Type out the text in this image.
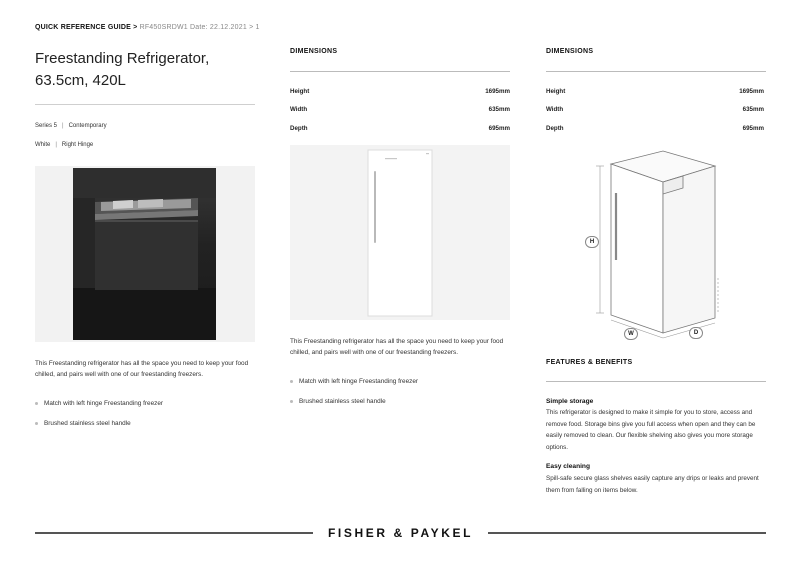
QUICK REFERENCE GUIDE > RF450SRDW1 Date: 22.12.2021 > 1
Freestanding Refrigerator, 63.5cm, 420L
Series 5 | Contemporary
White | Right Hinge
This Freestanding refrigerator has all the space you need to keep your food chilled, and pairs well with one of our freestanding freezers.
Match with left hinge Freestanding freezer
Brushed stainless steel handle
DIMENSIONS
Height	1695mm
Width	635mm
Depth	695mm
This Freestanding refrigerator has all the space you need to keep your food chilled, and pairs well with one of our freestanding freezers.
Match with left hinge Freestanding freezer
Brushed stainless steel handle
DIMENSIONS
Height	1695mm
Width	635mm
Depth	695mm
H
W	D
FEATURES & BENEFITS
Simple storage
This refrigerator is designed to make it simple for you to store, access and remove food. Storage bins give you full access when open and they can be easily removed to clean. Our flexible shelving also gives you more storage options.
Easy cleaning
Spill-safe secure glass shelves easily capture any drips or leaks and prevent them from falling on items below.
FISHER & PAYKEL
